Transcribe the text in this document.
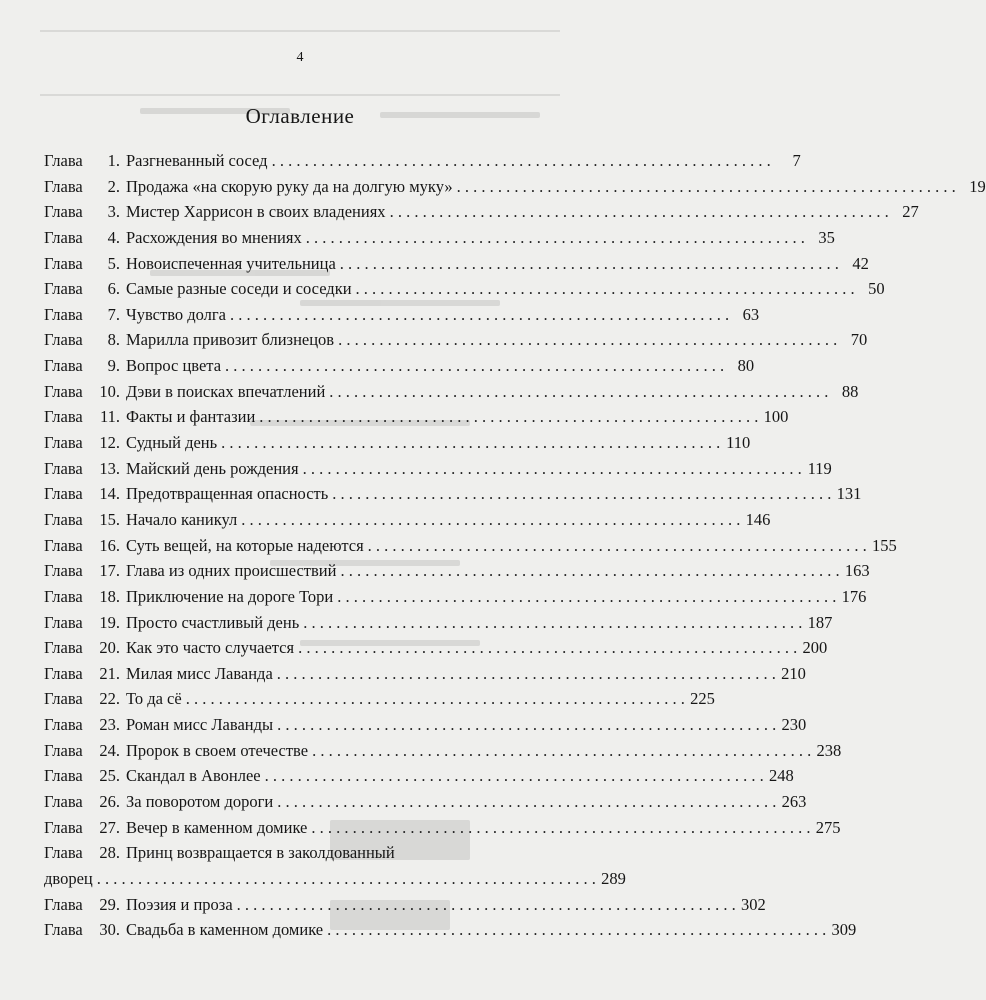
4
Оглавление
Глава	1. Разгневанный сосед . . .	7
Глава	2. Продажа «на скорую руку да на долгую муку» . . .	19
Глава	3. Мистер Харрисон в своих владениях . . .	27
Глава	4. Расхождения во мнениях . . .	35
Глава	5. Новоиспеченная учительница . . .	42
Глава	6. Самые разные соседи и соседки . . .	50
Глава	7. Чувство долга . . .	63
Глава	8. Марилла привозит близнецов . . .	70
Глава	9. Вопрос цвета . . .	80
Глава	10. Дэви в поисках впечатлений . . .	88
Глава	11. Факты и фантазии . . .	100
Глава	12. Судный день . . .	110
Глава	13. Майский день рождения . . .	119
Глава	14. Предотвращенная опасность . . .	131
Глава	15. Начало каникул . . .	146
Глава	16. Суть вещей, на которые надеются . . .	155
Глава	17. Глава из одних происшествий . . .	163
Глава	18. Приключение на дороге Тори . . .	176
Глава	19. Просто счастливый день . . .	187
Глава	20. Как это часто случается . . .	200
Глава	21. Милая мисс Лаванда . . .	210
Глава	22. То да сё . . .	225
Глава	23. Роман мисс Лаванды . . .	230
Глава	24. Пророк в своем отечестве . . .	238
Глава	25. Скандал в Авонлее . . .	248
Глава	26. За поворотом дороги . . .	263
Глава	27. Вечер в каменном домике . . .	275
Глава	28. Принц возвращается в заколдованный
дворец . . .	289
Глава	29. Поэзия и проза . . .	302
Глава	30. Свадьба в каменном домике . . .	309
